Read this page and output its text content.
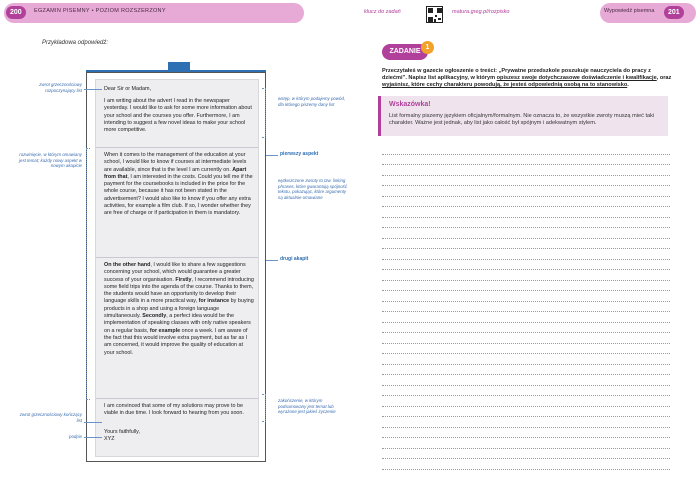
200	EGZAMIN PISEMNY • POZIOM ROZSZERZONY	klucz do zadań	matura.greg.pl/rozpisko	Wypowiedź pisemna	201
Przykładowa odpowiedź:
Dear Sir or Madam,
I am writing about the advert I read in the newspaper yesterday. I would like to ask for some more information about your school and the courses you offer. Furthermore, I am intending to suggest a few novel ideas to make your school more competitive.
When it comes to the management of the education at your school, I would like to know if courses at intermediate levels are available, since that is the level I am currently on. Apart from that, I am interested in the costs. Could you tell me if the payment for the coursebooks is included in the price for the whole course, because it has not been stated in the advertisement? I would also like to know if you offer any extra activities, for example a film club. If so, I wonder whether they are free of charge or if participation in them is mandatory.
On the other hand, I would like to share a few suggestions concerning your school, which would guarantee a greater success of your organisation. Firstly, I recommend introducing some field trips into the agenda of the course. Thanks to them, the students would have an opportunity to develop their language skills in a more practical way, for instance by buying products in a shop and using a foreign language simultaneously. Secondly, a perfect idea would be the implementation of speaking classes with only native speakers on a regular basis, for example once a week. I am aware of the fact that this would involve extra payment, but as far as I am concerned, it would improve the quality of education at your school.
I am convinced that some of my solutions may prove to be viable in due time. I look forward to hearing from you soon.
Yours faithfully,
XYZ
zwrot grzecznościowy rozpoczynający list
rozwinięcie, w którym omawiany jest temat; każdy nowy aspekt w nowym akapicie
zwrot grzecznościowy kończący list
podpis
wstęp, w którym podajemy powód, dla którego piszemy dany list
pierwszy aspekt
wytłuszczone zwroty to tzw. linking phrases, które gwarantują spójność tekstu, pokazując, które argumenty są aktualnie omawiane
drugi akapit
zakończenie, w którym podsumowany jest temat lub wyrażone jest jakieś życzenie
ZADANIE
1
Przeczytałeś w gazecie ogłoszenie o treści: „Prywatne przedszkole poszukuje nauczyciela do pracy z dziećmi”. Napisz list aplikacyjny, w którym opiszesz swoje dotychczasowe doświadczenie i kwalifikacje, oraz wyjaśnisz, które cechy charakteru powodują, że jesteś odpowiednią osobą na to stanowisko.
Wskazówka!
List formalny piszemy językiem oficjalnym/formalnym. Nie oznacza to, że wszystkie zwroty muszą mieć taki charakter. Ważne jest jednak, aby list jako całość był spójnym i adekwatnym stylem.
